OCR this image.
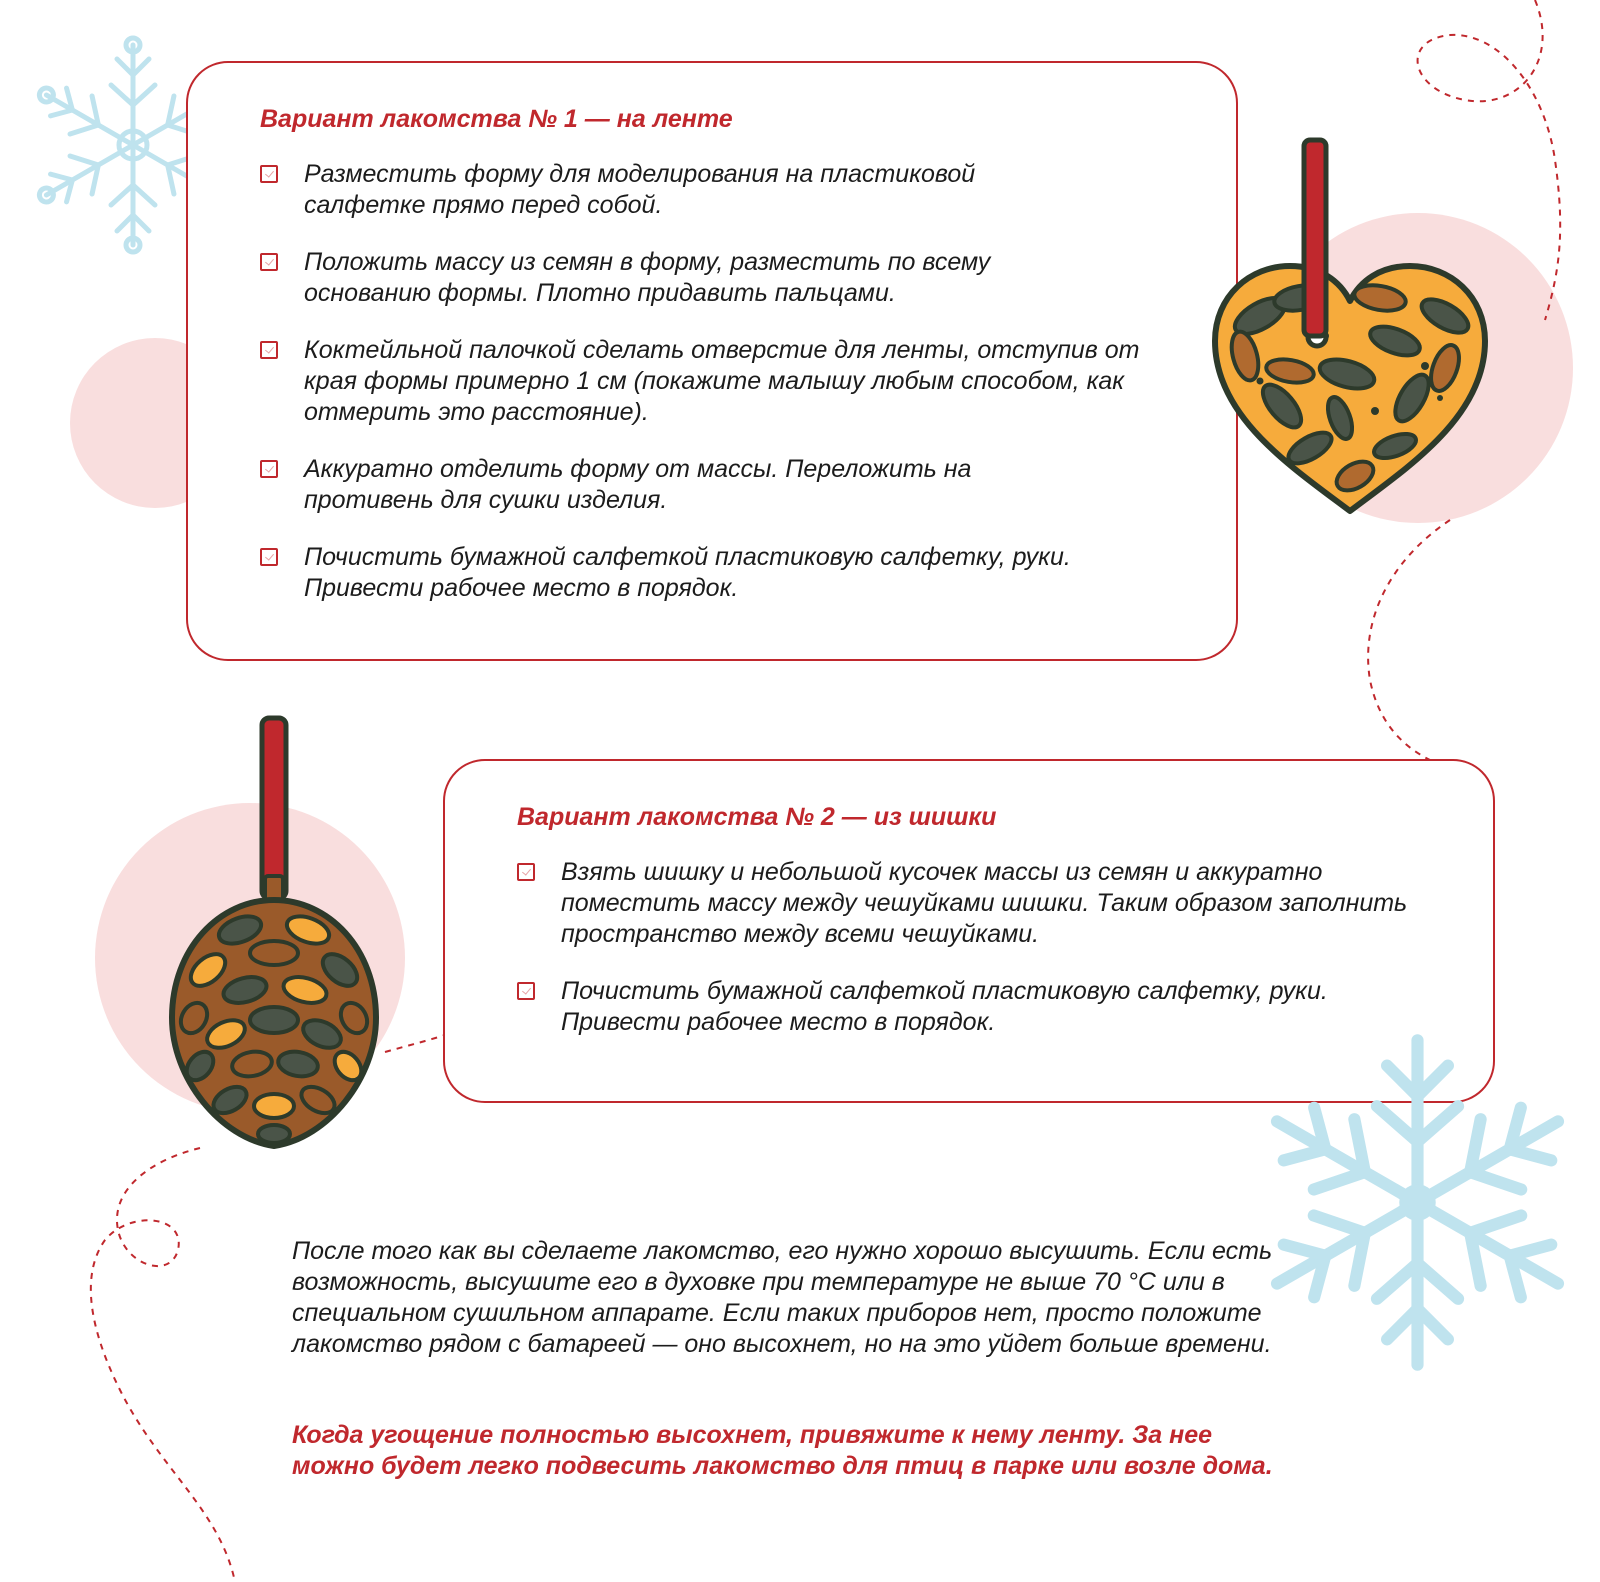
Вариант лакомства № 1 — на ленте
Разместить форму для моделирования на пластиковой салфетке прямо перед собой.
Положить массу из семян в форму, разместить по всему основанию формы. Плотно придавить пальцами.
Коктейльной палочкой сделать отверстие для ленты, отступив от края формы примерно 1 см (покажите малышу любым способом, как отмерить это расстояние).
Аккуратно отделить форму от массы. Переложить на противень для сушки изделия.
Почистить бумажной салфеткой пластиковую салфетку, руки. Привести рабочее место в порядок.
Вариант лакомства № 2 — из шишки
Взять шишку и небольшой кусочек массы из семян и аккуратно поместить массу между чешуйками шишки. Таким образом заполнить пространство между всеми чешуйками.
Почистить бумажной салфеткой пластиковую салфетку, руки. Привести рабочее место в порядок.

После того как вы сделаете лакомство, его нужно хорошо высушить. Если есть возможность, высушите его в духовке при температуре не выше 70 °С или в специальном сушильном аппарате. Если таких приборов нет, просто положите лакомство рядом с батареей — оно высохнет, но на это уйдет больше времени.

Когда угощение полностью высохнет, привяжите к нему ленту. За нее можно будет легко подвесить лакомство для птиц в парке или возле дома.
